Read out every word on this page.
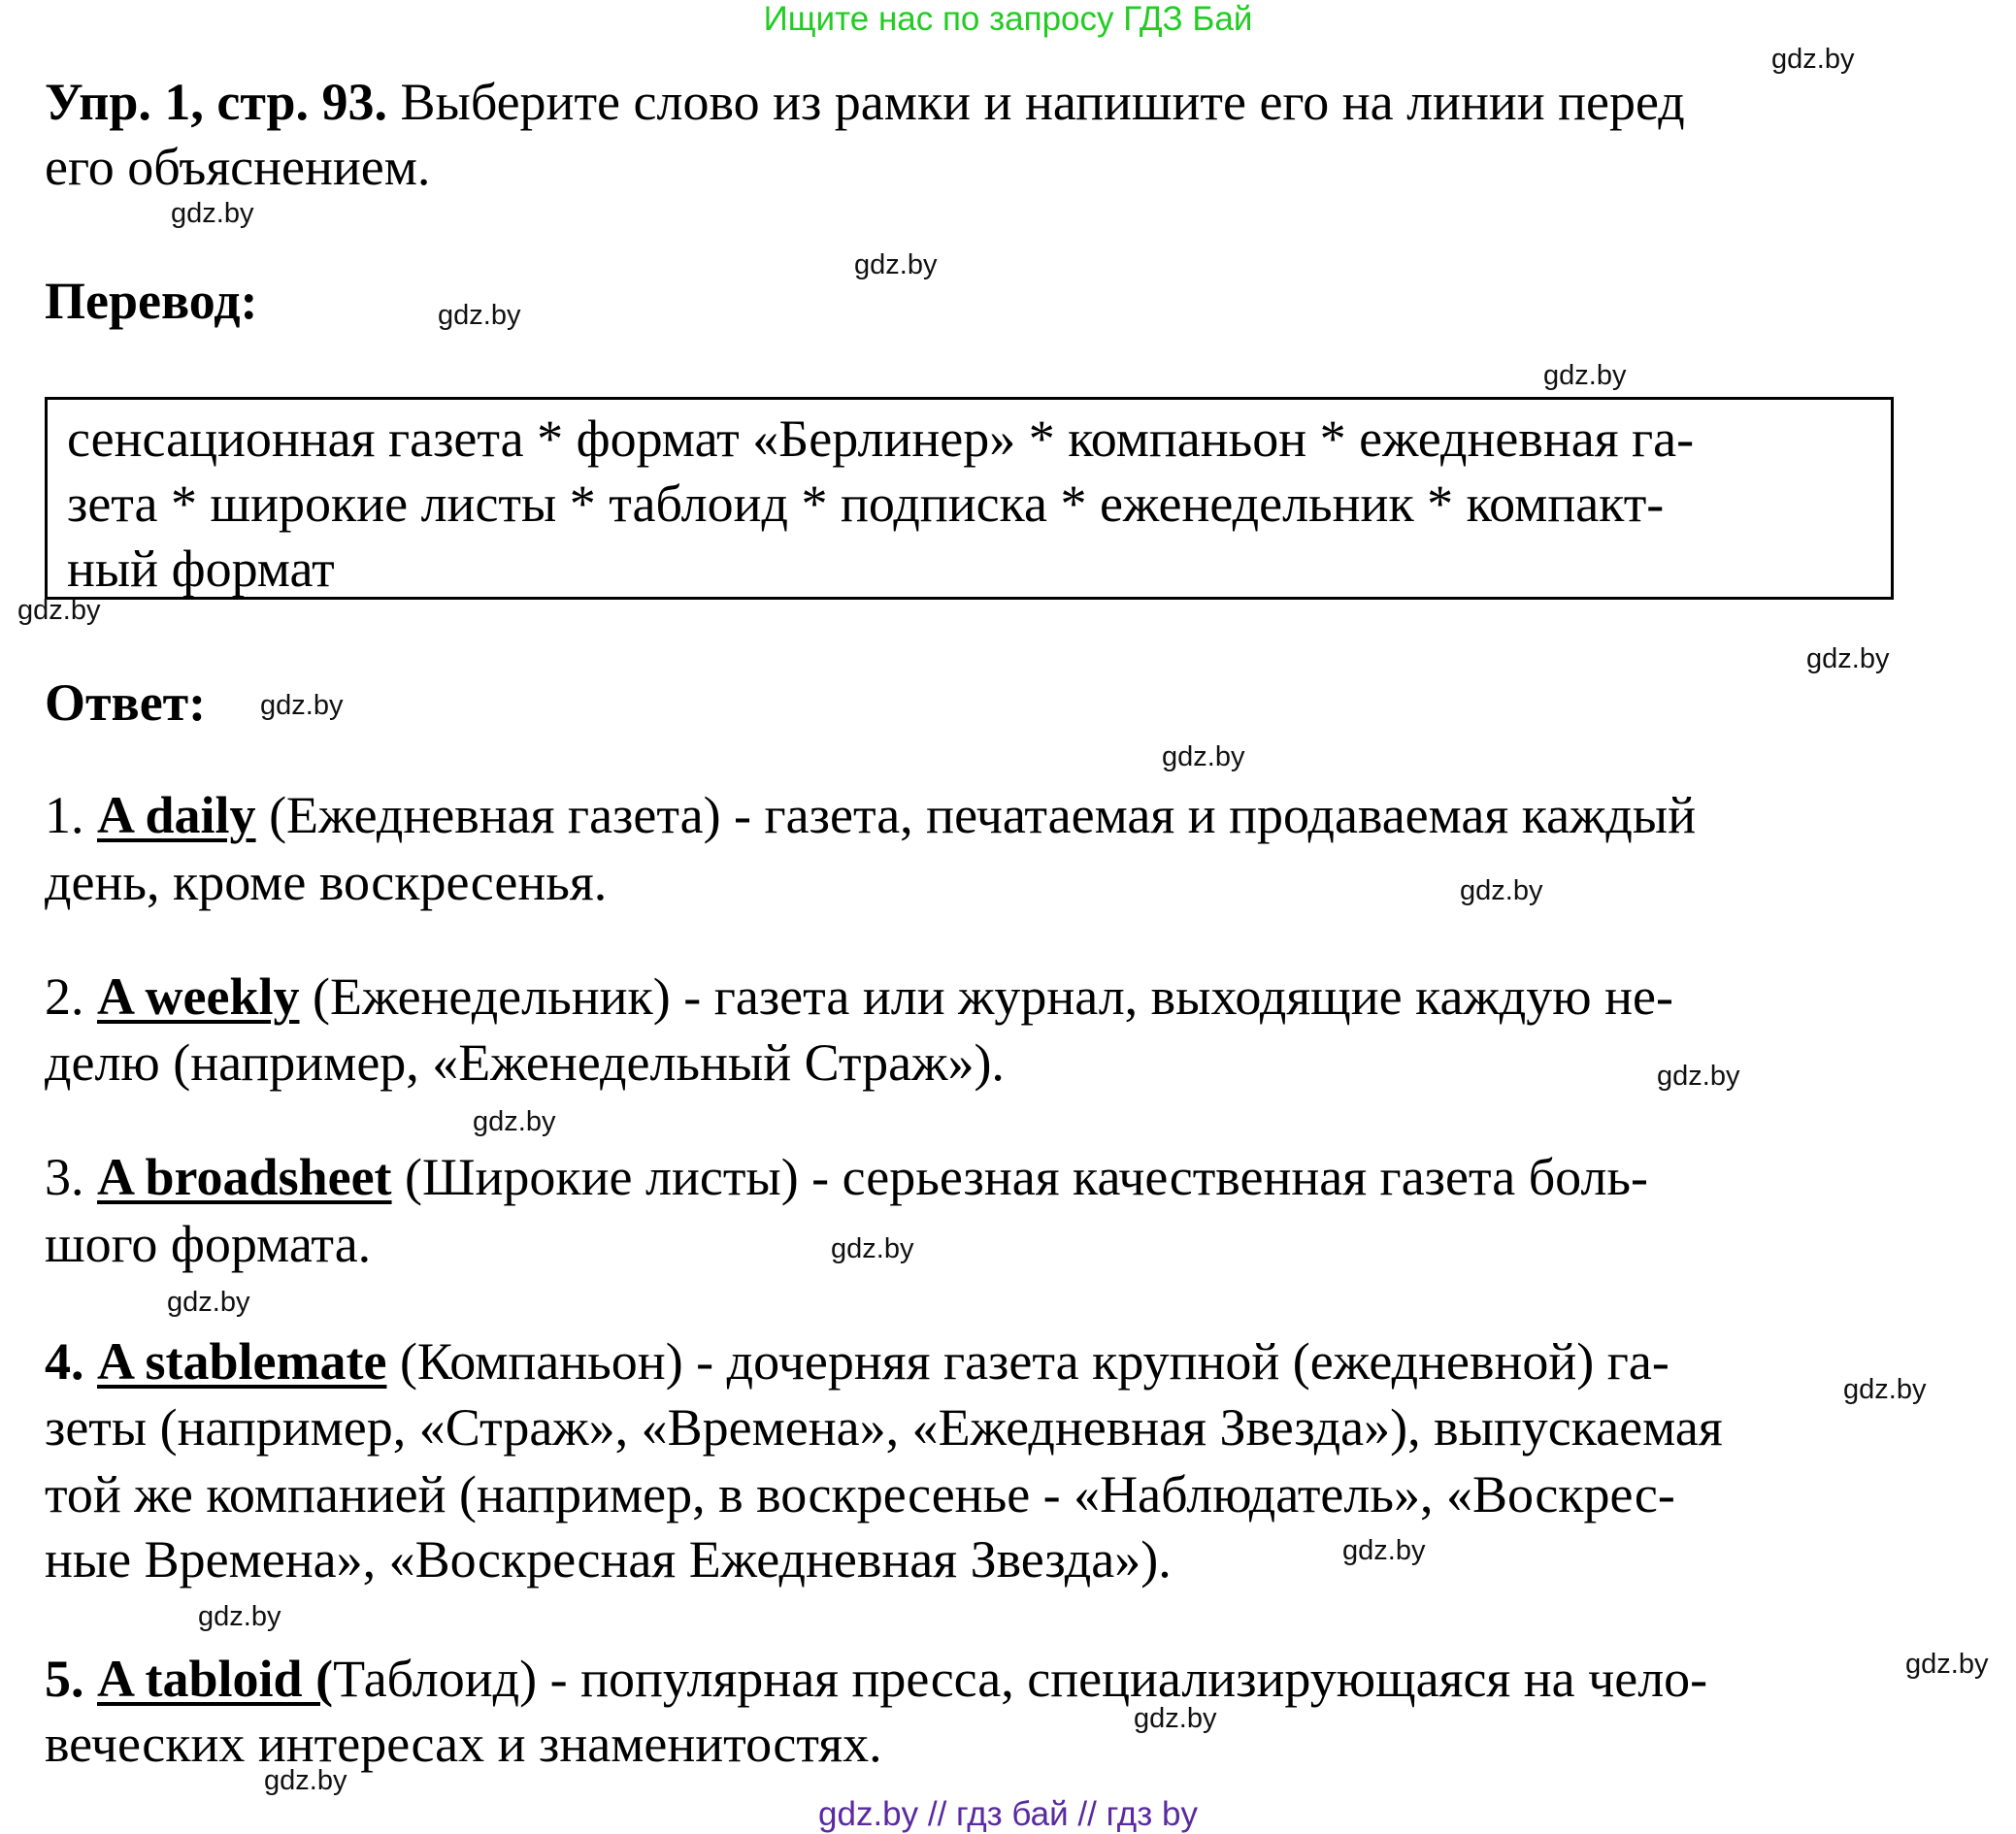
Ищите нас по запросу ГДЗ Бай
Упр. 1, стр. 93. Выберите слово из рамки и напишите его на линии перед
его объяснением.
Перевод:
сенсационная газета * формат «Берлинер» * компаньон * ежедневная га-
зета * широкие листы * таблоид * подписка * еженедельник * компакт-
ный формат
Ответ:
1. A daily (Ежедневная газета) - газета, печатаемая и продаваемая каждый
день, кроме воскресенья.
2. A weekly (Еженедельник) - газета или журнал, выходящие каждую не-
делю (например, «Еженедельный Страж»).
3. A broadsheet (Широкие листы) - серьезная качественная газета боль-
шого формата.
4. A stablemate (Компаньон) - дочерняя газета крупной (ежедневной) га-
зеты (например, «Страж», «Времена», «Ежедневная Звезда»), выпускаемая
той же компанией (например, в воскресенье - «Наблюдатель», «Воскрес-
ные Времена», «Воскресная Ежедневная Звезда»).
5. A tabloid (Таблоид) - популярная пресса, специализирующаяся на чело-
веческих интересах и знаменитостях.
gdz.by
gdz.by
gdz.by
gdz.by
gdz.by
gdz.by
gdz.by
gdz.by
gdz.by
gdz.by
gdz.by
gdz.by
gdz.by
gdz.by
gdz.by
gdz.by
gdz.by
gdz.by
gdz.by
gdz.by
gdz.by // гдз бай // гдз by
